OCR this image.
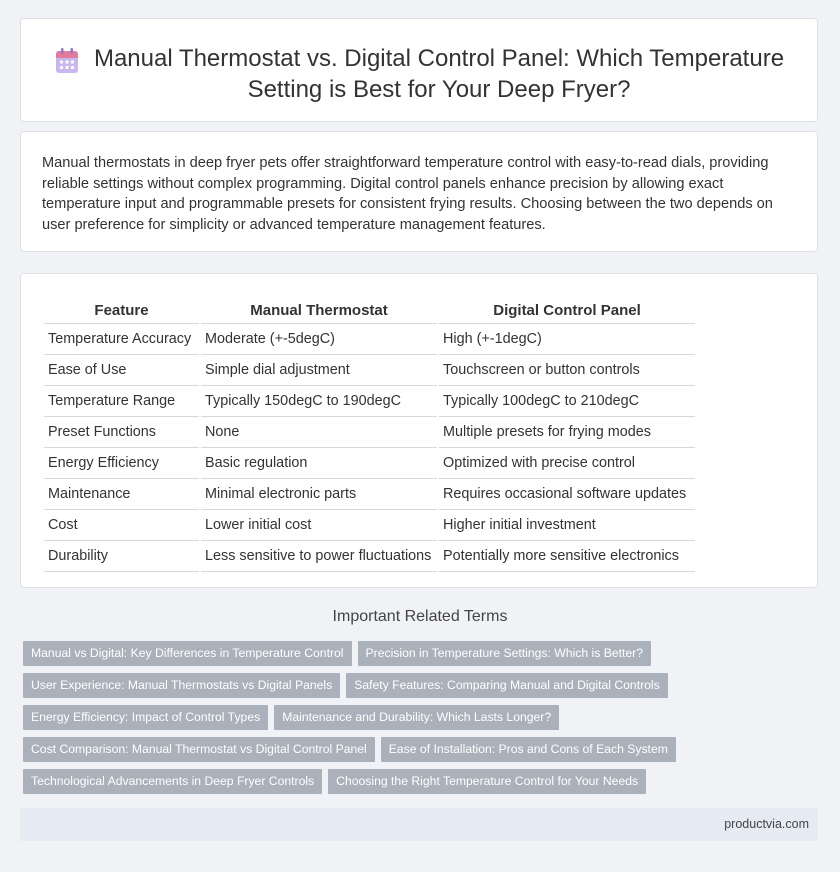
Manual Thermostat vs. Digital Control Panel: Which Temperature Setting is Best for Your Deep Fryer?

Manual thermostats in deep fryer pets offer straightforward temperature control with easy-to-read dials, providing reliable settings without complex programming. Digital control panels enhance precision by allowing exact temperature input and programmable presets for consistent frying results. Choosing between the two depends on user preference for simplicity or advanced temperature management features.

Feature	Manual Thermostat	Digital Control Panel
Temperature Accuracy	Moderate (+-5degC)	High (+-1degC)
Ease of Use	Simple dial adjustment	Touchscreen or button controls
Temperature Range	Typically 150degC to 190degC	Typically 100degC to 210degC
Preset Functions	None	Multiple presets for frying modes
Energy Efficiency	Basic regulation	Optimized with precise control
Maintenance	Minimal electronic parts	Requires occasional software updates
Cost	Lower initial cost	Higher initial investment
Durability	Less sensitive to power fluctuations	Potentially more sensitive electronics
Important Related Terms
Manual vs Digital: Key Differences in Temperature Control	Precision in Temperature Settings: Which is Better?
User Experience: Manual Thermostats vs Digital Panels	Safety Features: Comparing Manual and Digital Controls
Energy Efficiency: Impact of Control Types	Maintenance and Durability: Which Lasts Longer?
Cost Comparison: Manual Thermostat vs Digital Control Panel	Ease of Installation: Pros and Cons of Each System
Technological Advancements in Deep Fryer Controls	Choosing the Right Temperature Control for Your Needs
productvia.com
